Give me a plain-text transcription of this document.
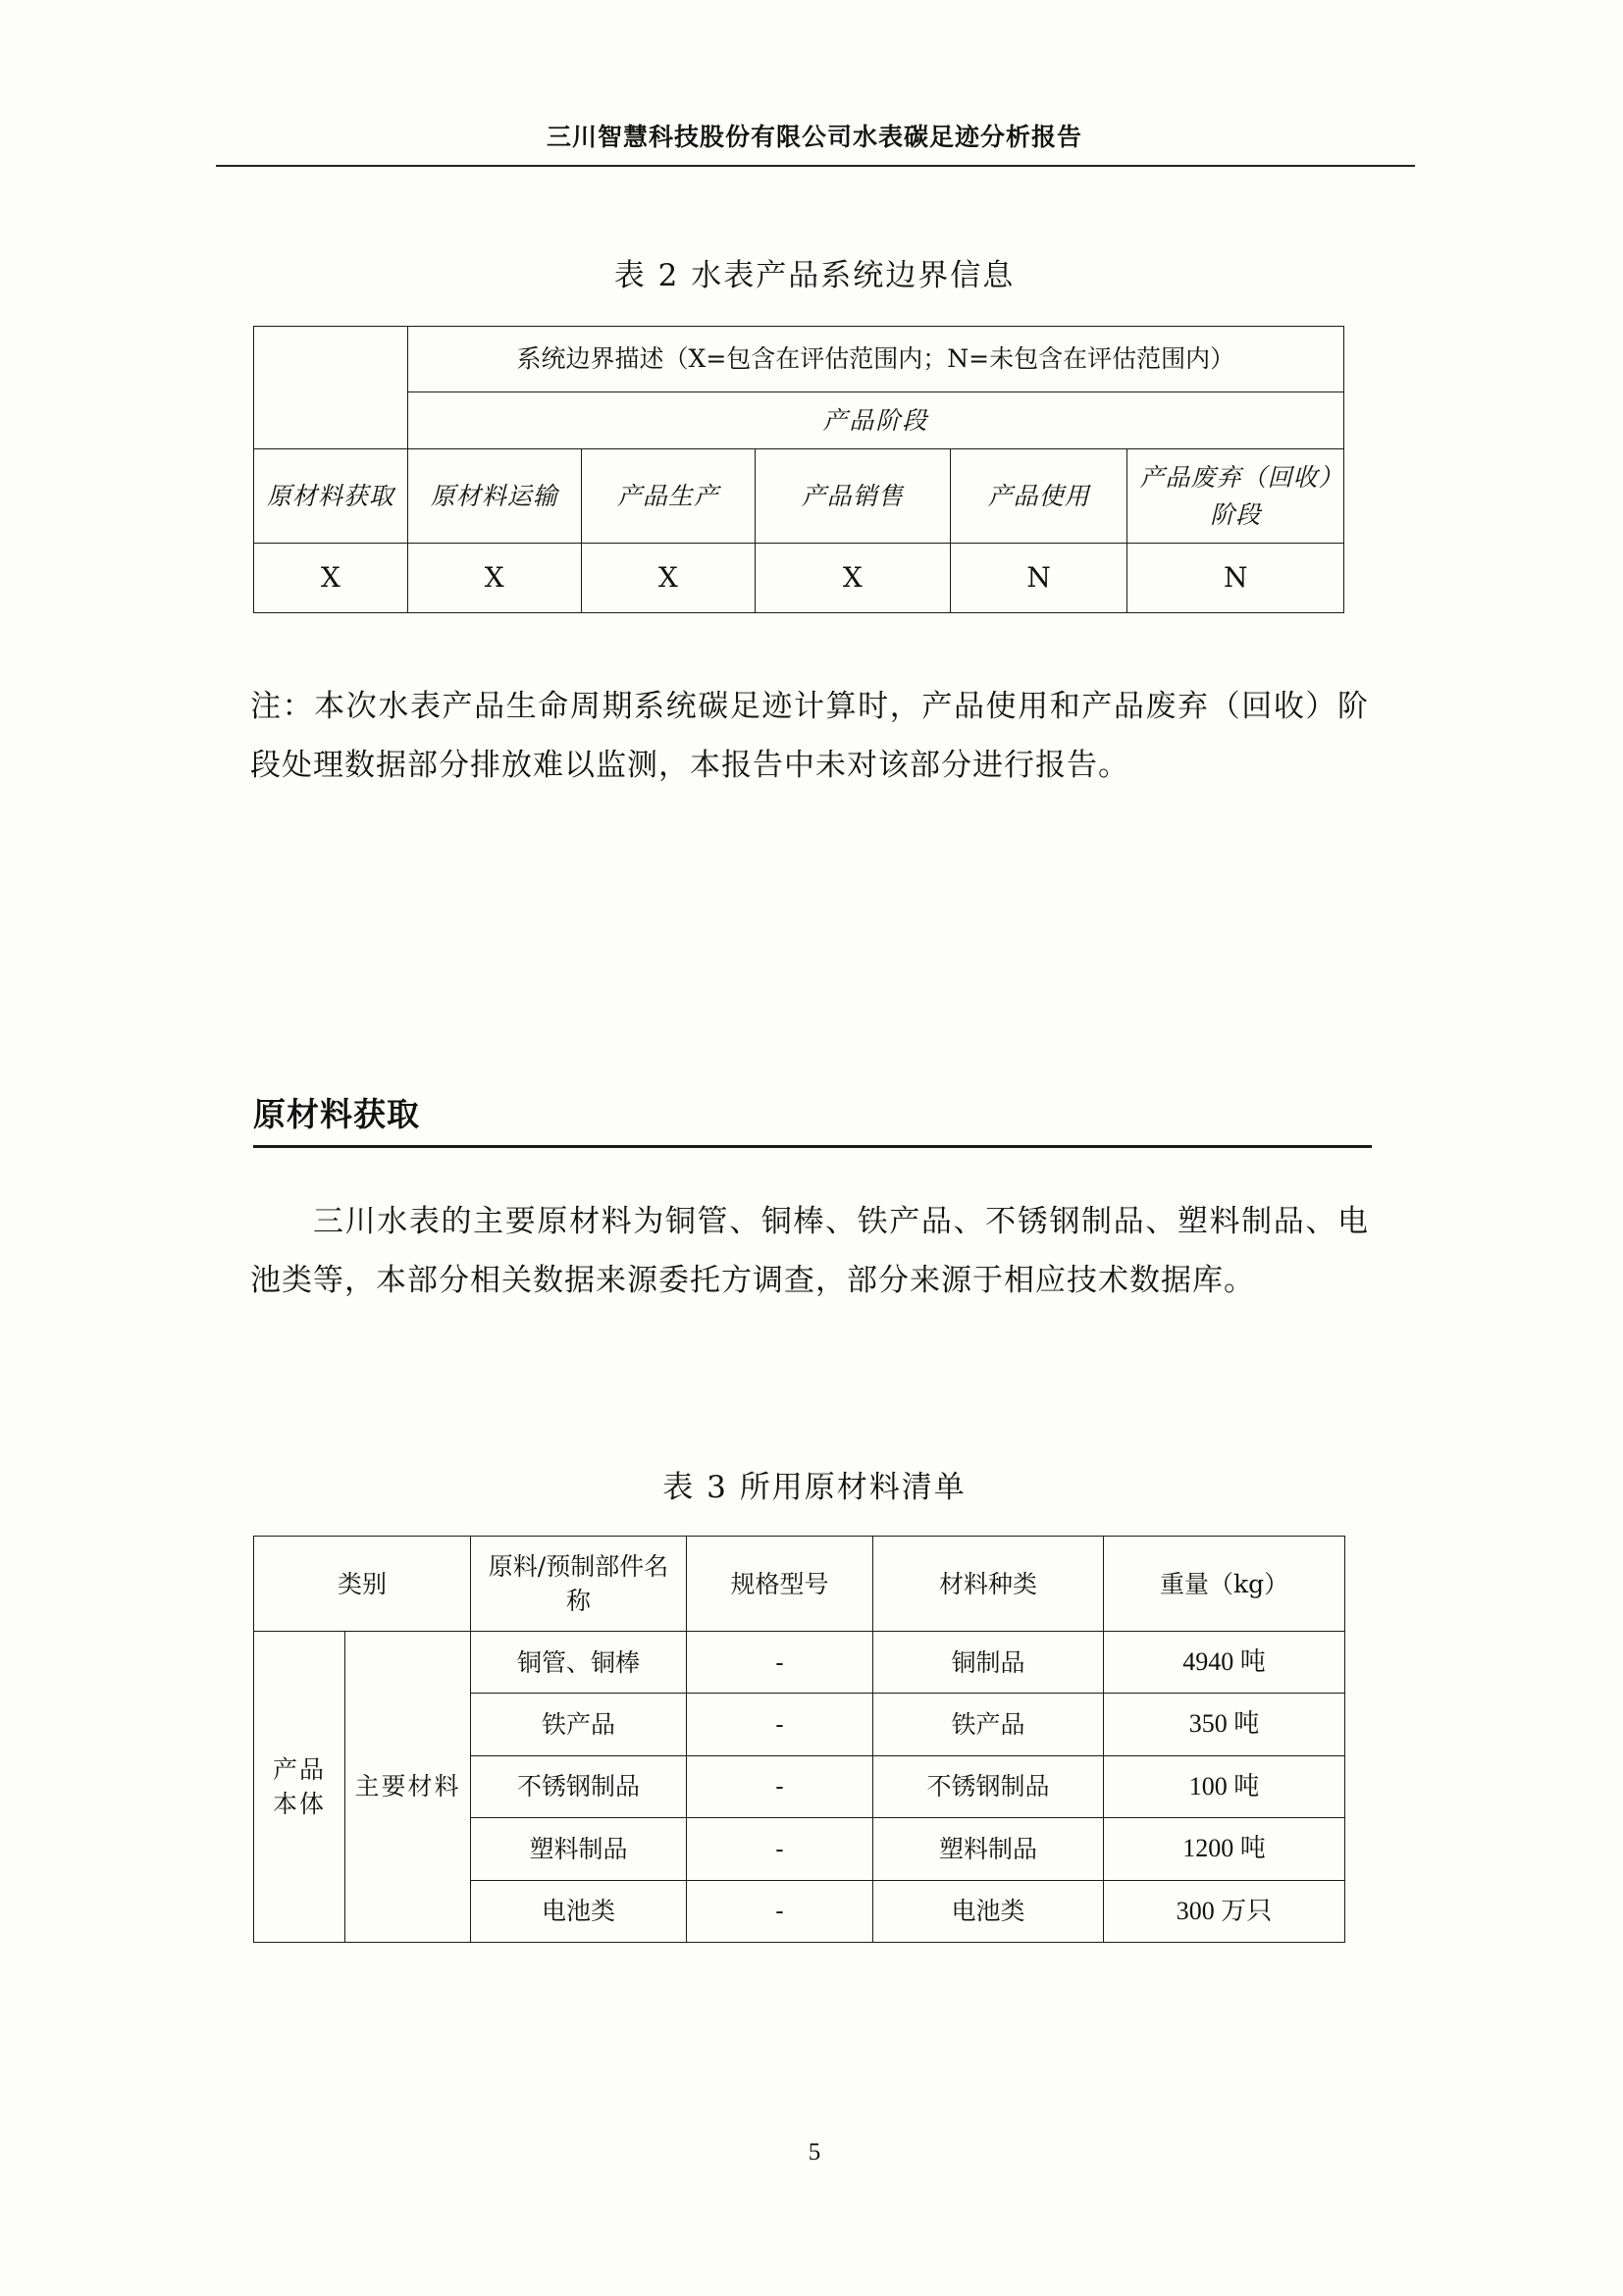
三川智慧科技股份有限公司水表碳足迹分析报告
表 2 水表产品系统边界信息
	系统边界描述（X=包含在评估范围内；N=未包含在评估范围内）				
	产品阶段				
原材料获取	原材料运输	产品生产	产品销售	产品使用	产品废弃（回收）阶段
X	X	X	X	N	N
注：本次水表产品生命周期系统碳足迹计算时，产品使用和产品废弃（回收）阶段处理数据部分排放难以监测，本报告中未对该部分进行报告。
原材料获取
三川水表的主要原材料为铜管、铜棒、铁产品、不锈钢制品、塑料制品、电池类等，本部分相关数据来源委托方调查，部分来源于相应技术数据库。
表 3 所用原材料清单
类别		原料/预制部件名称	规格型号	材料种类	重量（kg）
产品本体	主要材料	铜管、铜棒	-	铜制品	4940 吨
		铁产品	-	铁产品	350 吨
		不锈钢制品	-	不锈钢制品	100 吨
		塑料制品	-	塑料制品	1200 吨
		电池类	-	电池类	300 万只
5
